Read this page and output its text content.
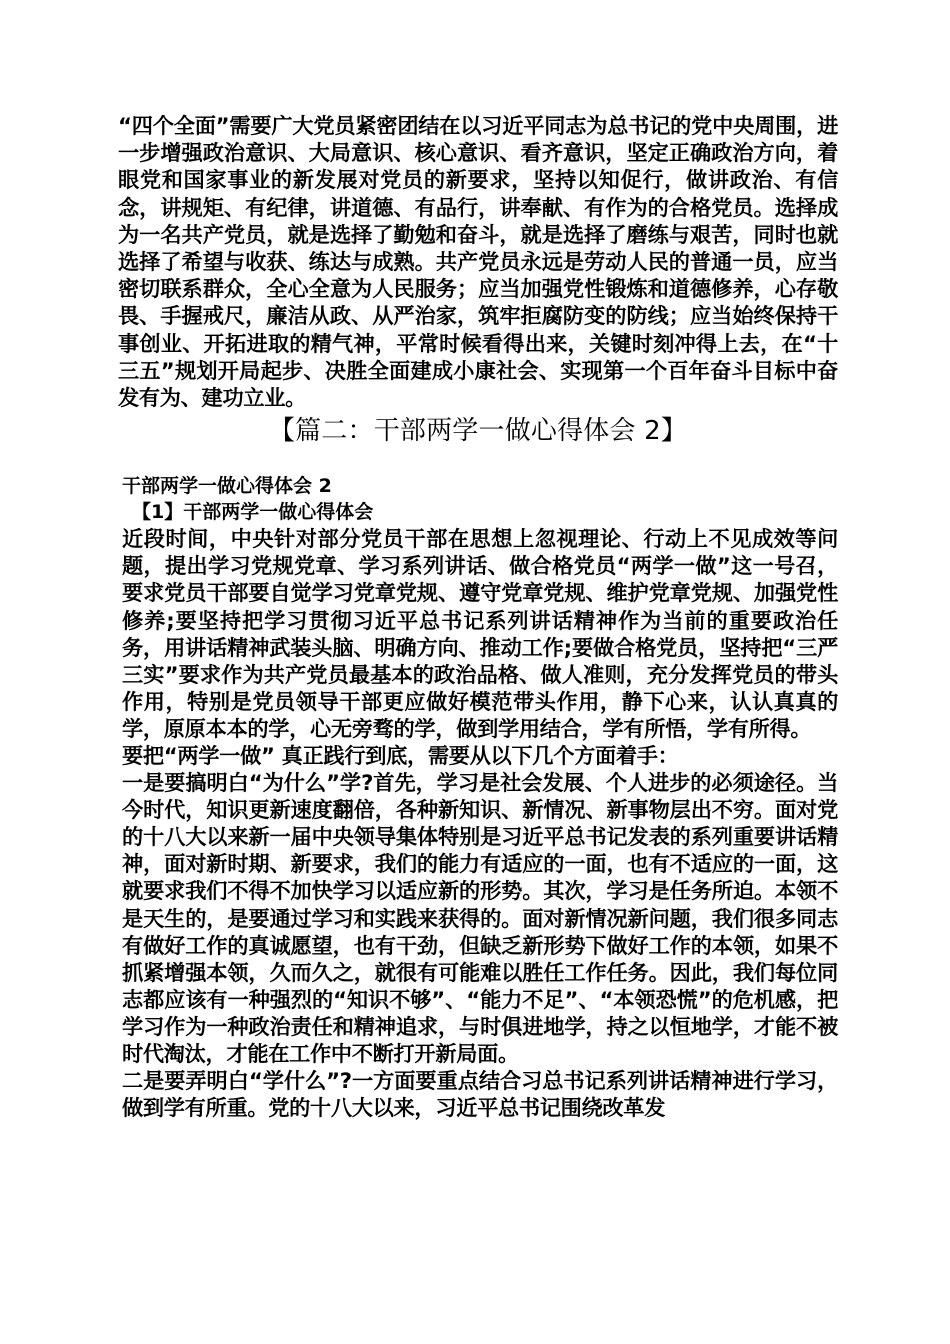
“四个全面”需要广大党员紧密团结在以习近平同志为总书记的党中央周围，进一步增强政治意识、大局意识、核心意识、看齐意识，坚定正确政治方向，着眼党和国家事业的新发展对党员的新要求，坚持以知促行，做讲政治、有信念，讲规矩、有纪律，讲道德、有品行，讲奉献、有作为的合格党员。选择成为一名共产党员，就是选择了勤勉和奋斗，就是选择了磨练与艰苦，同时也就选择了希望与收获、练达与成熟。共产党员永远是劳动人民的普通一员，应当密切联系群众，全心全意为人民服务；应当加强党性锻炼和道德修养，心存敬畏、手握戒尺，廉洁从政、从严治家，筑牢拒腐防变的防线；应当始终保持干事创业、开拓进取的精气神，平常时候看得出来，关键时刻冲得上去，在“十三五”规划开局起步、决胜全面建成小康社会、实现第一个百年奋斗目标中奋发有为、建功立业。

【篇二：干部两学一做心得体会 2】
干部两学一做心得体会 2
【1】干部两学一做心得体会

近段时间，中央针对部分党员干部在思想上忽视理论、行动上不见成效等问题，提出学习党规党章、学习系列讲话、做合格党员“两学一做”这一号召，要求党员干部要自觉学习党章党规、遵守党章党规、维护党章党规、加强党性修养;要坚持把学习贯彻习近平总书记系列讲话精神作为当前的重要政治任务，用讲话精神武装头脑、明确方向、推动工作;要做合格党员，坚持把“三严三实”要求作为共产党员最基本的政治品格、做人准则，充分发挥党员的带头作用，特别是党员领导干部更应做好模范带头作用，静下心来，认认真真的学，原原本本的学，心无旁骛的学，做到学用结合，学有所悟，学有所得。

要把“两学一做” 真正践行到底，需要从以下几个方面着手：

一是要搞明白“为什么”学?首先，学习是社会发展、个人进步的必须途径。当今时代，知识更新速度翻倍，各种新知识、新情况、新事物层出不穷。面对党的十八大以来新一届中央领导集体特别是习近平总书记发表的系列重要讲话精神，面对新时期、新要求，我们的能力有适应的一面，也有不适应的一面，这就要求我们不得不加快学习以适应新的形势。其次，学习是任务所迫。本领不是天生的，是要通过学习和实践来获得的。面对新情况新问题，我们很多同志有做好工作的真诚愿望，也有干劲，但缺乏新形势下做好工作的本领，如果不抓紧增强本领，久而久之，就很有可能难以胜任工作任务。因此，我们每位同志都应该有一种强烈的“知识不够”、“能力不足”、“本领恐慌”的危机感，把学习作为一种政治责任和精神追求，与时俱进地学，持之以恒地学，才能不被时代淘汰，才能在工作中不断打开新局面。

二是要弄明白“学什么”?一方面要重点结合习总书记系列讲话精神进行学习，做到学有所重。党的十八大以来，习近平总书记围绕改革发
